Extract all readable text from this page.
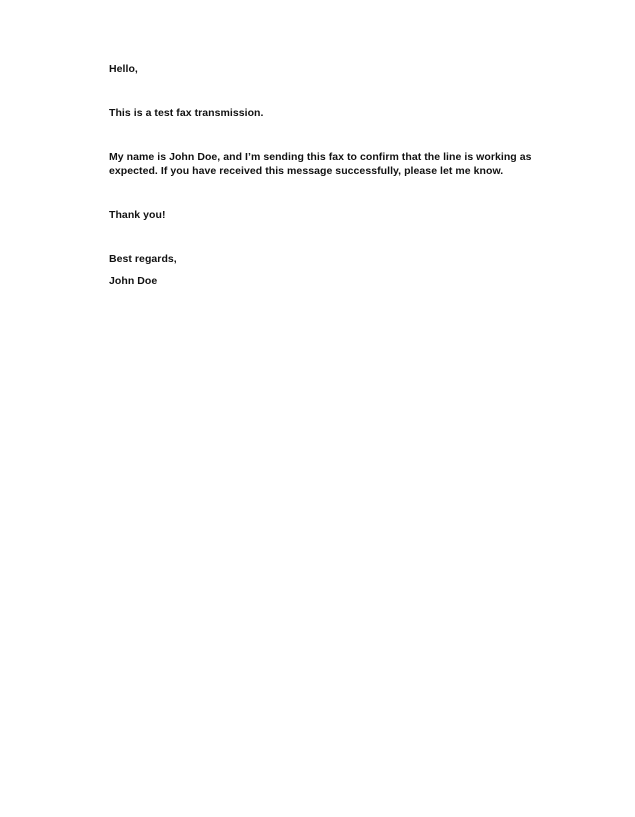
Hello,
This is a test fax transmission.
My name is John Doe, and I’m sending this fax to confirm that the line is working as
expected. If you have received this message successfully, please let me know.
Thank you!
Best regards,
John Doe
